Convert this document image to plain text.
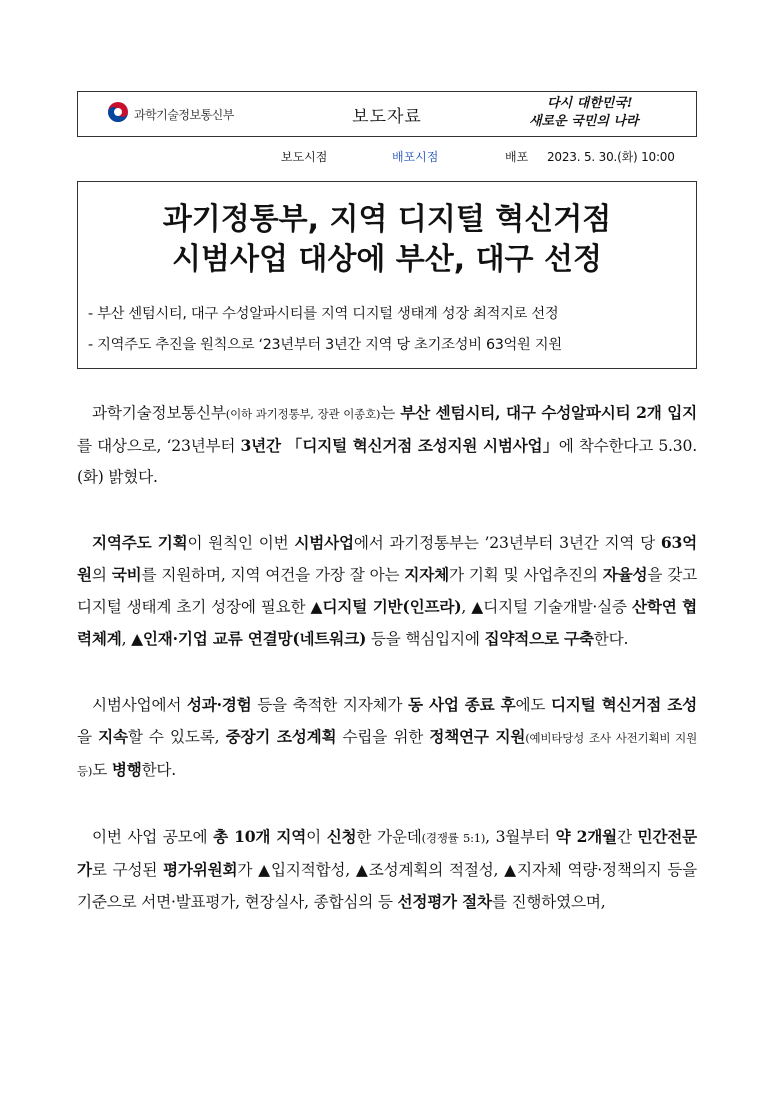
과학기술정보통신부	보도자료
다시 대한민국!
새로운 국민의 나라
보도시점	배포시점	배포 2023. 5. 30.(화) 10:00
과기정통부, 지역 디지털 혁신거점
시범사업 대상에 부산, 대구 선정
- 부산 센텀시티, 대구 수성알파시티를 지역 디지털 생태계 성장 최적지로 선정
- 지역주도 추진을 원칙으로 ‘23년부터 3년간 지역 당 초기조성비 63억원 지원

과학기술정보통신부(이하 과기정통부, 장관 이종호)는 부산 센텀시티, 대구 수성알파시티 2개 입지를 대상으로, ‘23년부터 3년간 「디지털 혁신거점 조성지원 시범사업」에 착수한다고 5.30.(화) 밝혔다.

지역주도 기획이 원칙인 이번 시범사업에서 과기정통부는 ’23년부터 3년간 지역 당 63억원의 국비를 지원하며, 지역 여건을 가장 잘 아는 지자체가 기획 및 사업추진의 자율성을 갖고 디지털 생태계 초기 성장에 필요한 ▲디지털 기반(인프라), ▲디지털 기술개발·실증 산학연 협력체계, ▲인재·기업 교류 연결망(네트워크) 등을 핵심입지에 집약적으로 구축한다.

시범사업에서 성과·경험 등을 축적한 지자체가 동 사업 종료 후에도 디지털 혁신거점 조성을 지속할 수 있도록, 중장기 조성계획 수립을 위한 정책연구 지원(예비타당성 조사 사전기획비 지원 등)도 병행한다.

이번 사업 공모에 총 10개 지역이 신청한 가운데(경쟁률 5:1), 3월부터 약 2개월간 민간전문가로 구성된 평가위원회가 ▲입지적합성, ▲조성계획의 적절성, ▲지자체 역량·정책의지 등을 기준으로 서면·발표평가, 현장실사, 종합심의 등 선정평가 절차를 진행하였으며,
